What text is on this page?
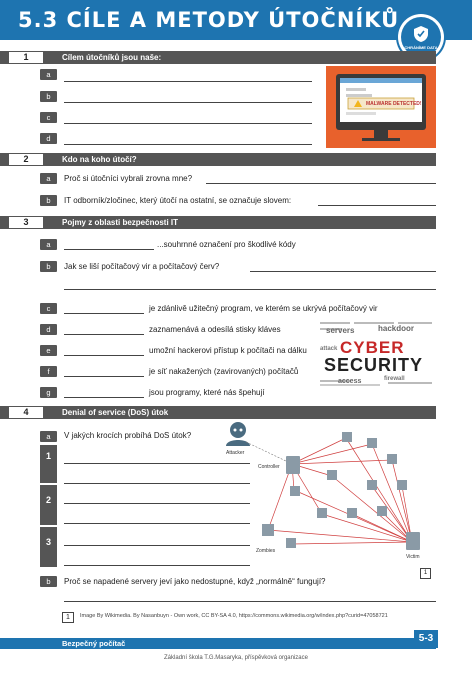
5.3 CÍLE A METODY ÚTOČNÍKŮ
CHRÁNÍME DATA
1	Cílem útočníků jsou naše:
a
b
c
d
MALWARE DETECTED!
2	Kdo na koho útočí?
a	Proč si útočníci vybrali zrovna mne?
b	IT odborník/zločinec, který útočí na ostatní, se označuje slovem:
3	Pojmy z oblasti bezpečnosti IT
a	...souhrnné označení pro škodlivé kódy
b	Jak se liší počítačový vir a počítačový červ?
c	je zdánlivě užitečný program, ve kterém se ukrývá počítačový vir
d	zaznamenává a odesílá stisky kláves
e	umožní hackerovi přístup k počítači na dálku
f	je síť nakažených (zavirovaných) počítačů
g	jsou programy, které nás špehují
servers	hackdoor
CYBER
SECURITY
access
attack
firewall
4	Denial of service (DoS) útok
a	V jakých krocích probíhá DoS útok?
1
2
3
Attacker
Controller
Zombies
Victim
1
b	Proč se napadené servery jeví jako nedostupné, když „normálně“ fungují?
1	Image By Wikimedia. By Nasanbuyn - Own work, CC BY-SA 4.0, https://commons.wikimedia.org/w/index.php?curid=47058721
Bezpečný počítač	5-3
Základní škola T.G.Masaryka, příspěvková organizace
